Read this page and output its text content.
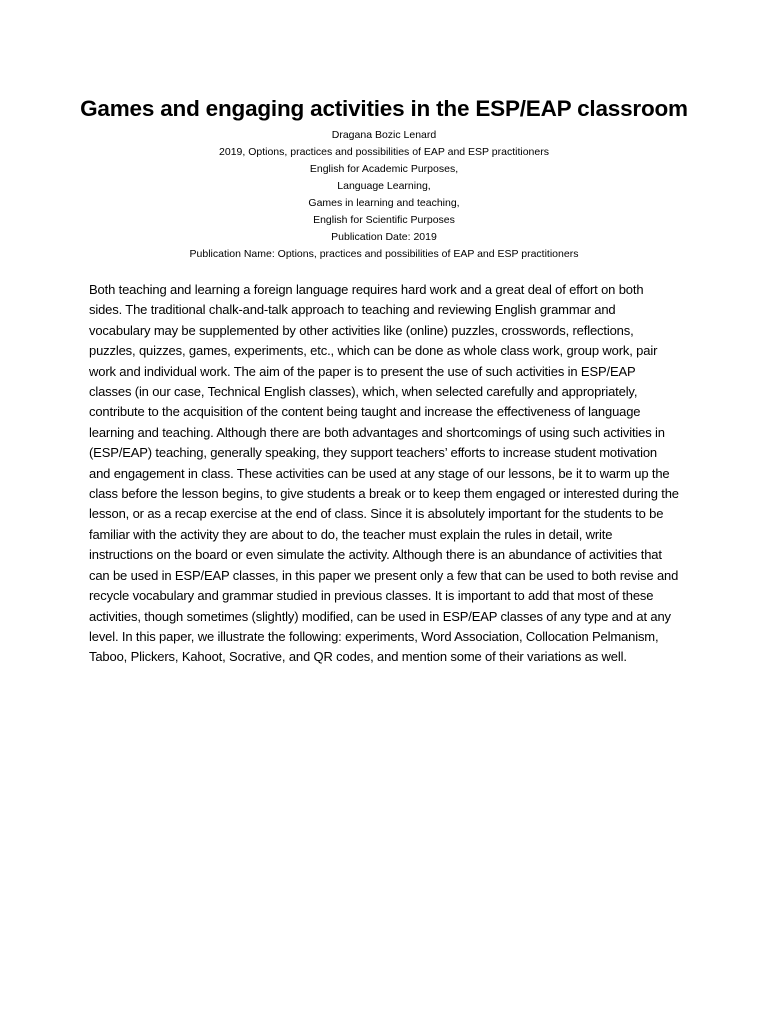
Games and engaging activities in the ESP/EAP classroom
Dragana Bozic Lenard
2019, Options, practices and possibilities of EAP and ESP practitioners
English for Academic Purposes,
Language Learning,
Games in learning and teaching,
English for Scientific Purposes
Publication Date: 2019
Publication Name: Options, practices and possibilities of EAP and ESP practitioners

Both teaching and learning a foreign language requires hard work and a great deal of effort on both sides. The traditional chalk-and-talk approach to teaching and reviewing English grammar and vocabulary may be supplemented by other activities like (online) puzzles, crosswords, reflections, puzzles, quizzes, games, experiments, etc., which can be done as whole class work, group work, pair work and individual work. The aim of the paper is to present the use of such activities in ESP/EAP classes (in our case, Technical English classes), which, when selected carefully and appropriately, contribute to the acquisition of the content being taught and increase the effectiveness of language learning and teaching. Although there are both advantages and shortcomings of using such activities in (ESP/EAP) teaching, generally speaking, they support teachers’ efforts to increase student motivation and engagement in class. These activities can be used at any stage of our lessons, be it to warm up the class before the lesson begins, to give students a break or to keep them engaged or interested during the lesson, or as a recap exercise at the end of class. Since it is absolutely important for the students to be familiar with the activity they are about to do, the teacher must explain the rules in detail, write instructions on the board or even simulate the activity. Although there is an abundance of activities that can be used in ESP/EAP classes, in this paper we present only a few that can be used to both revise and recycle vocabulary and grammar studied in previous classes. It is important to add that most of these activities, though sometimes (slightly) modified, can be used in ESP/EAP classes of any type and at any level. In this paper, we illustrate the following: experiments, Word Association, Collocation Pelmanism, Taboo, Plickers, Kahoot, Socrative, and QR codes, and mention some of their variations as well.
